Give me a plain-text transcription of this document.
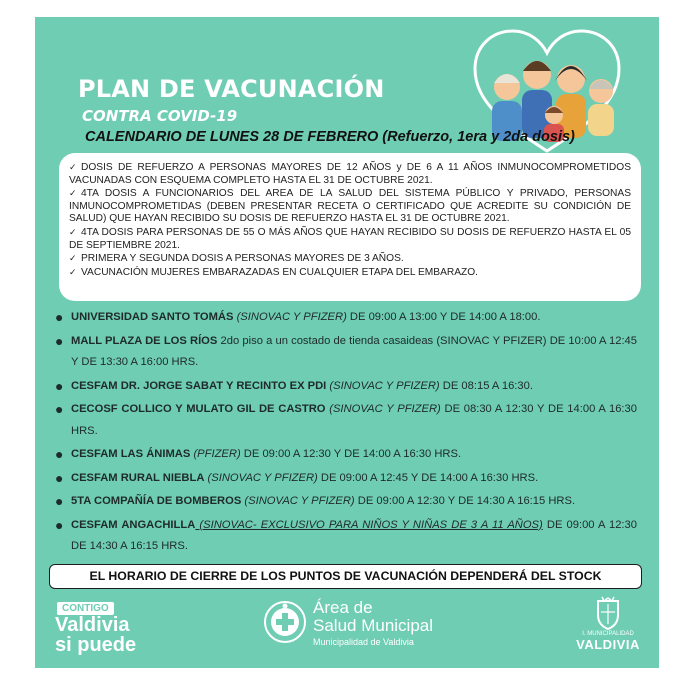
PLAN DE VACUNACIÓN
CONTRA COVID-19
CALENDARIO DE LUNES 28 DE FEBRERO (Refuerzo, 1era y 2da dosis)
✓ DOSIS DE REFUERZO A PERSONAS MAYORES DE 12 AÑOS y DE 6 A 11 AÑOS INMUNOCOMPROMETIDOS VACUNADAS CON ESQUEMA COMPLETO HASTA EL 31 DE OCTUBRE 2021.
✓ 4TA DOSIS A FUNCIONARIOS DEL AREA DE LA SALUD DEL SISTEMA PÚBLICO Y PRIVADO, PERSONAS INMUNOCOMPROMETIDAS (DEBEN PRESENTAR RECETA O CERTIFICADO QUE ACREDITE SU CONDICIÓN DE SALUD) QUE HAYAN RECIBIDO SU DOSIS DE REFUERZO HASTA EL 31 DE OCTUBRE 2021.
✓ 4TA DOSIS PARA PERSONAS DE 55 O MÁS AÑOS QUE HAYAN RECIBIDO SU DOSIS DE REFUERZO HASTA EL 05 DE SEPTIEMBRE 2021.
✓ PRIMERA Y SEGUNDA DOSIS A PERSONAS MAYORES DE 3 AÑOS.
✓ VACUNACIÓN MUJERES EMBARAZADAS EN CUALQUIER ETAPA DEL EMBARAZO.
● UNIVERSIDAD SANTO TOMÁS (SINOVAC Y PFIZER) DE 09:00 A 13:00 Y DE 14:00 A 18:00.
● MALL PLAZA DE LOS RÍOS 2do piso a un costado de tienda casaideas (SINOVAC Y PFIZER) DE 10:00 A 12:45 Y DE 13:30 A 16:00 HRS.
● CESFAM DR. JORGE SABAT Y RECINTO EX PDI (SINOVAC Y PFIZER) DE 08:15 A 16:30.
● CECOSF COLLICO Y MULATO GIL DE CASTRO (SINOVAC Y PFIZER) DE 08:30 A 12:30 Y DE 14:00 A 16:30 HRS.
● CESFAM LAS ÁNIMAS (PFIZER) DE 09:00 A 12:30 Y DE 14:00 A 16:30 HRS.
● CESFAM RURAL NIEBLA (SINOVAC Y PFIZER) DE 09:00 A 12:45 Y DE 14:00 A 16:30 HRS.
● 5TA COMPAÑÍA DE BOMBEROS (SINOVAC Y PFIZER) DE 09:00 A 12:30 Y DE 14:30 A 16:15 HRS.
● CESFAM ANGACHILLA (SINOVAC- EXCLUSIVO PARA NIÑOS Y NIÑAS DE 3 A 11 AÑOS) DE 09:00 A 12:30 DE 14:30 A 16:15 HRS.
EL HORARIO DE CIERRE DE LOS PUNTOS DE VACUNACIÓN DEPENDERÁ DEL STOCK
CONTIGO
Valdivia
si puede
Área de
Salud Municipal
Municipalidad de Valdivia
I. MUNICIPALIDAD
VALDIVIA
